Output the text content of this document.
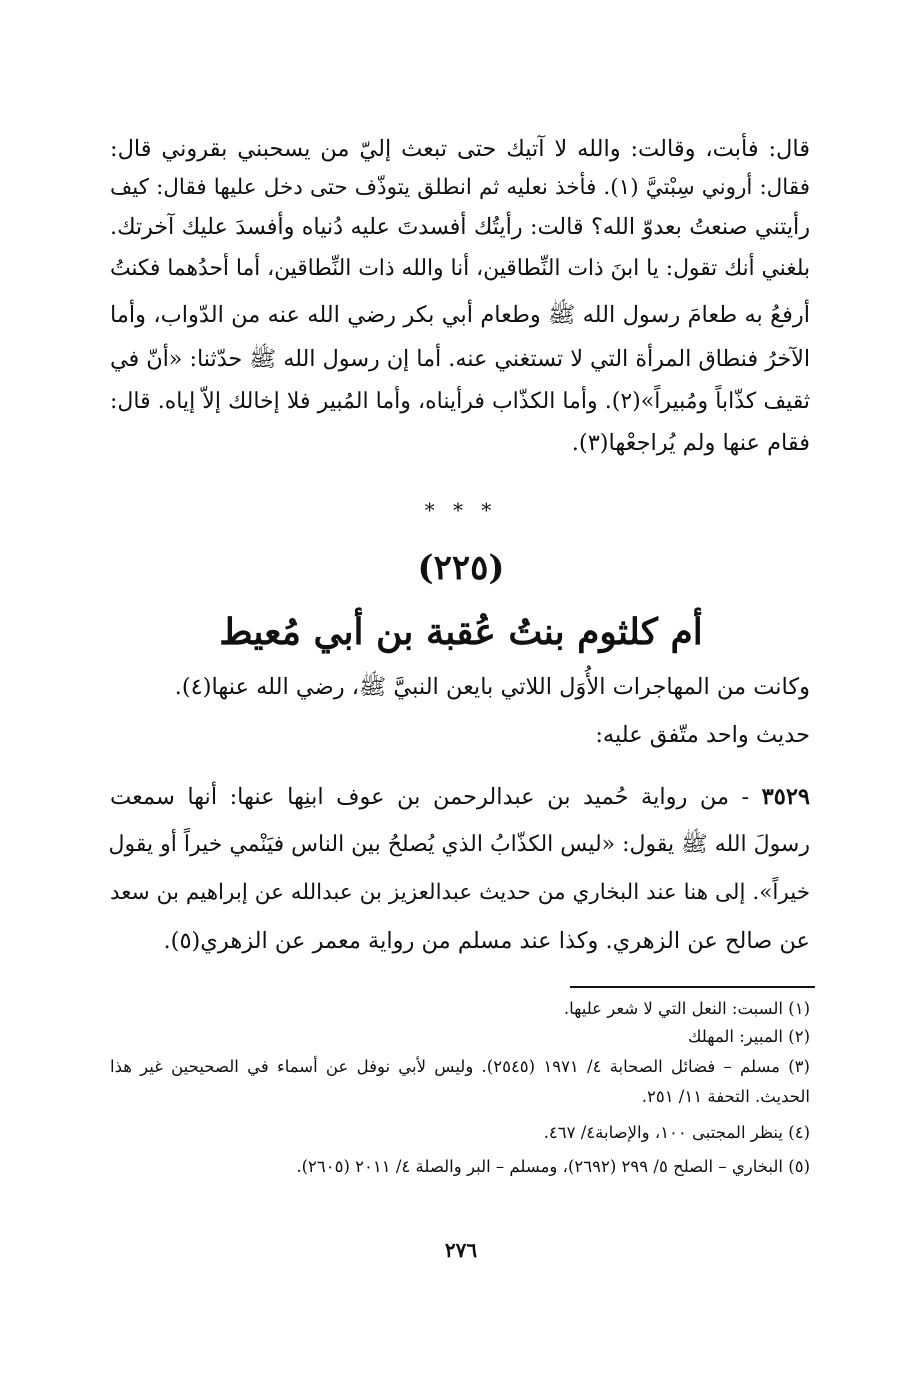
قال: فأبت، وقالت: والله لا آتيك حتى تبعث إليّ من يسحبني بقروني قال:
فقال: أروني سِبْتيَّ (١). فأخذ نعليه ثم انطلق يتوذّف حتى دخل عليها فقال: كيف
رأيتني صنعتُ بعدوّ الله؟ قالت: رأيتُك أفسدتَ عليه دُنياه وأفسدَ عليك آخرتك.
بلغني أنك تقول: يا ابنَ ذات النِّطاقين، أنا والله ذات النِّطاقين، أما أحدُهما فكنتُ
أرفعُ به طعامَ رسول الله ﷺ وطعام أبي بكر رضي الله عنه من الدّواب، وأما
الآخرُ فنطاق المرأة التي لا تستغني عنه. أما إن رسول الله ﷺ حدّثنا: «أنّ في
ثقيف كذّاباً ومُبيراً»(٢). وأما الكذّاب فرأيناه، وأما المُبير فلا إخالك إلاّ إياه. قال:
فقام عنها ولم يُراجعْها(٣).
* * *
(٢٢٥)
أم كلثوم بنتُ عُقبة بن أبي مُعيط
وكانت من المهاجرات الأُوَل اللاتي بايعن النبيَّ ﷺ، رضي الله عنها(٤).
حديث واحد متّفق عليه:
٣٥٢٩ - من رواية حُميد بن عبدالرحمن بن عوف ابنِها عنها: أنها سمعت
رسولَ الله ﷺ يقول: «ليس الكذّابُ الذي يُصلحُ بين الناس فيَنْمي خيراً أو يقول
خيراً». إلى هنا عند البخاري من حديث عبدالعزيز بن عبدالله عن إبراهيم بن سعد
عن صالح عن الزهري. وكذا عند مسلم من رواية معمر عن الزهري(٥).
(١) السبت: النعل التي لا شعر عليها.
(٢) المبير: المهلك
(٣) مسلم – فضائل الصحابة ٤/ ١٩٧١ (٢٥٤٥). وليس لأبي نوفل عن أسماء في الصحيحين غير هذا
الحديث. التحفة ١١/ ٢٥١.
(٤) ينظر المجتبى ١٠٠، والإصابة٤/ ٤٦٧.
(٥) البخاري – الصلح ٥/ ٢٩٩ (٢٦٩٢)، ومسلم – البر والصلة ٤/ ٢٠١١ (٢٦٠٥).
٢٧٦
